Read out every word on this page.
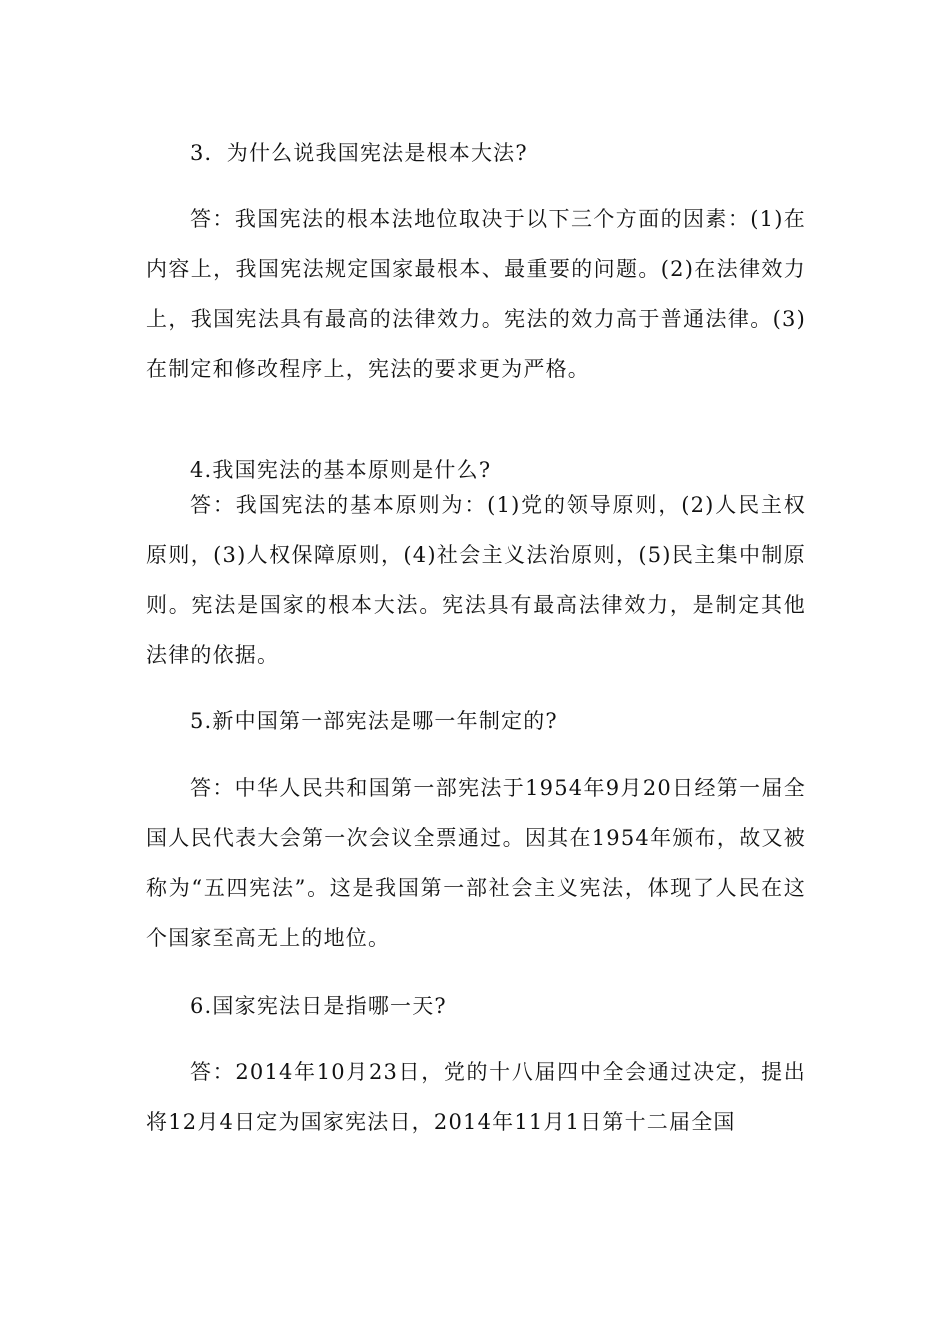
3．为什么说我国宪法是根本大法?

答：我国宪法的根本法地位取决于以下三个方面的因素：(1)在内容上，我国宪法规定国家最根本、最重要的问题。(2)在法律效力上，我国宪法具有最高的法律效力。宪法的效力高于普通法律。(3)在制定和修改程序上，宪法的要求更为严格。

4.我国宪法的基本原则是什么?

答：我国宪法的基本原则为：(1)党的领导原则，(2)人民主权原则，(3)人权保障原则，(4)社会主义法治原则，(5)民主集中制原则。宪法是国家的根本大法。宪法具有最高法律效力，是制定其他法律的依据。

5.新中国第一部宪法是哪一年制定的?

答：中华人民共和国第一部宪法于1954年9月20日经第一届全国人民代表大会第一次会议全票通过。因其在1954年颁布，故又被称为“五四宪法”。这是我国第一部社会主义宪法，体现了人民在这个国家至高无上的地位。

6.国家宪法日是指哪一天?

答：2014年10月23日，党的十八届四中全会通过决定，提出将12月4日定为国家宪法日，2014年11月1日第十二届全国
